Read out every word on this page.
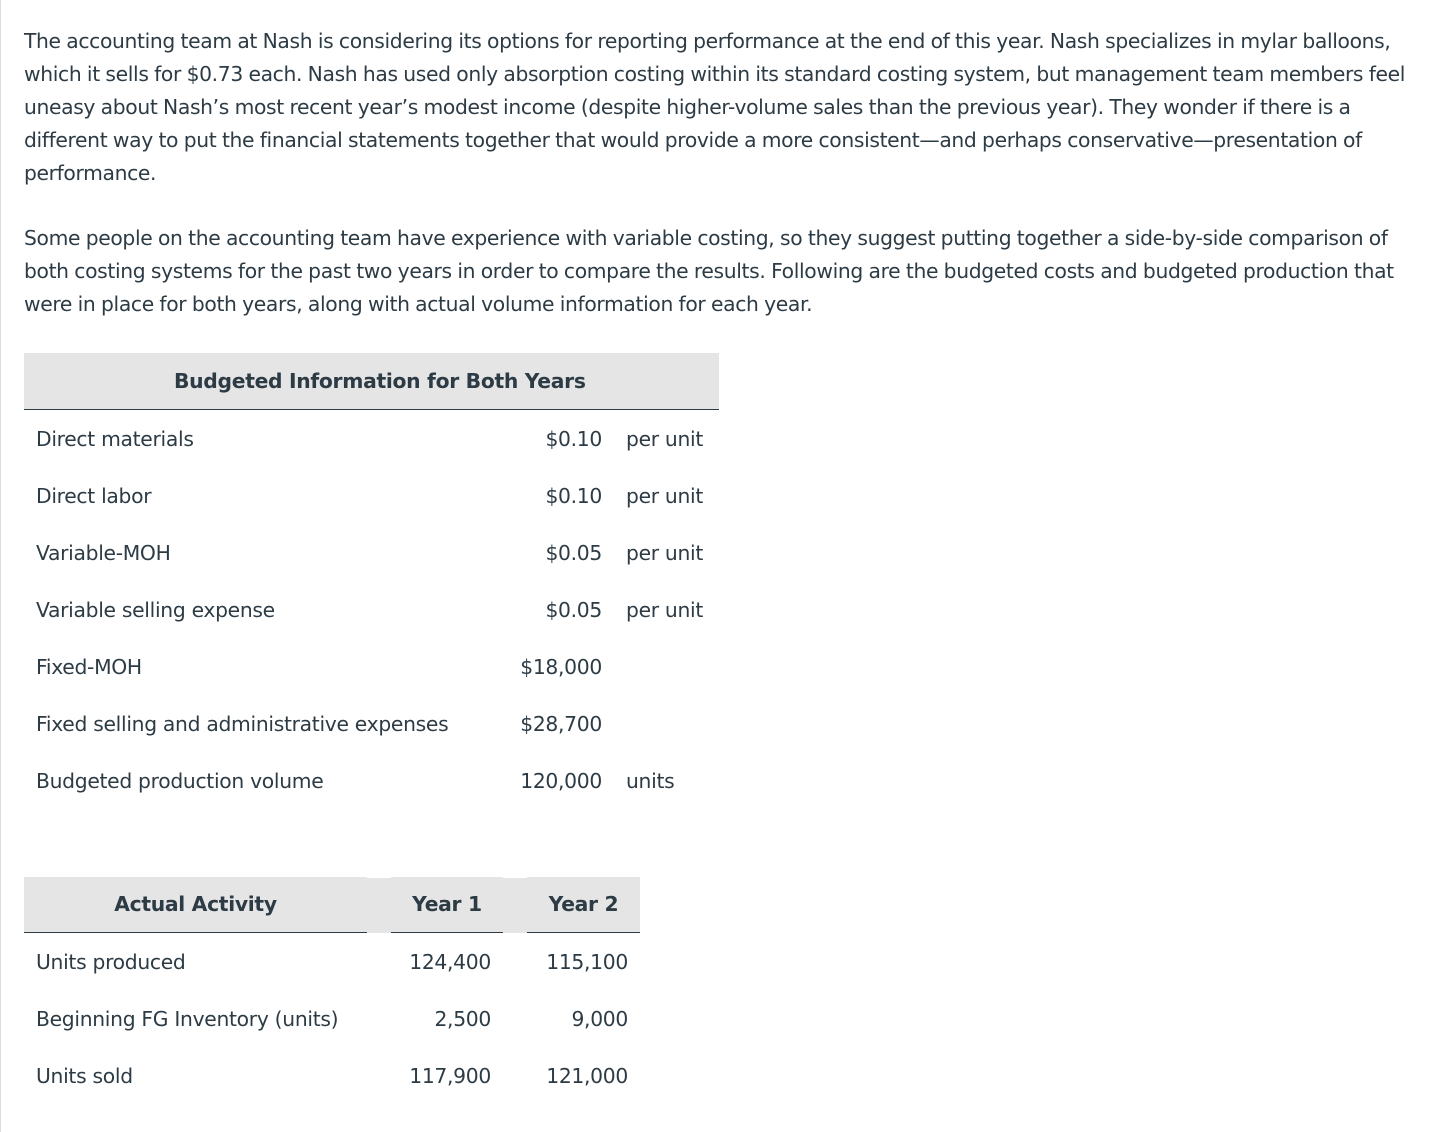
The accounting team at Nash is considering its options for reporting performance at the end of this year. Nash specializes in mylar balloons, which it sells for $0.73 each. Nash has used only absorption costing within its standard costing system, but management team members feel uneasy about Nash’s most recent year’s modest income (despite higher-volume sales than the previous year). They wonder if there is a different way to put the financial statements together that would provide a more consistent—and perhaps conservative—presentation of performance.

Some people on the accounting team have experience with variable costing, so they suggest putting together a side-by-side comparison of both costing systems for the past two years in order to compare the results. Following are the budgeted costs and budgeted production that were in place for both years, along with actual volume information for each year.

Budgeted Information for Both Years		
Direct materials	$0.10	per unit
Direct labor	$0.10	per unit
Variable-MOH	$0.05	per unit
Variable selling expense	$0.05	per unit
Fixed-MOH	$18,000	
Fixed selling and administrative expenses	$28,700	
Budgeted production volume	120,000	units
Actual Activity		Year 1		Year 2

Units produced		124,400		115,100
Beginning FG Inventory (units)		2,500		9,000
Units sold		117,900		121,000
